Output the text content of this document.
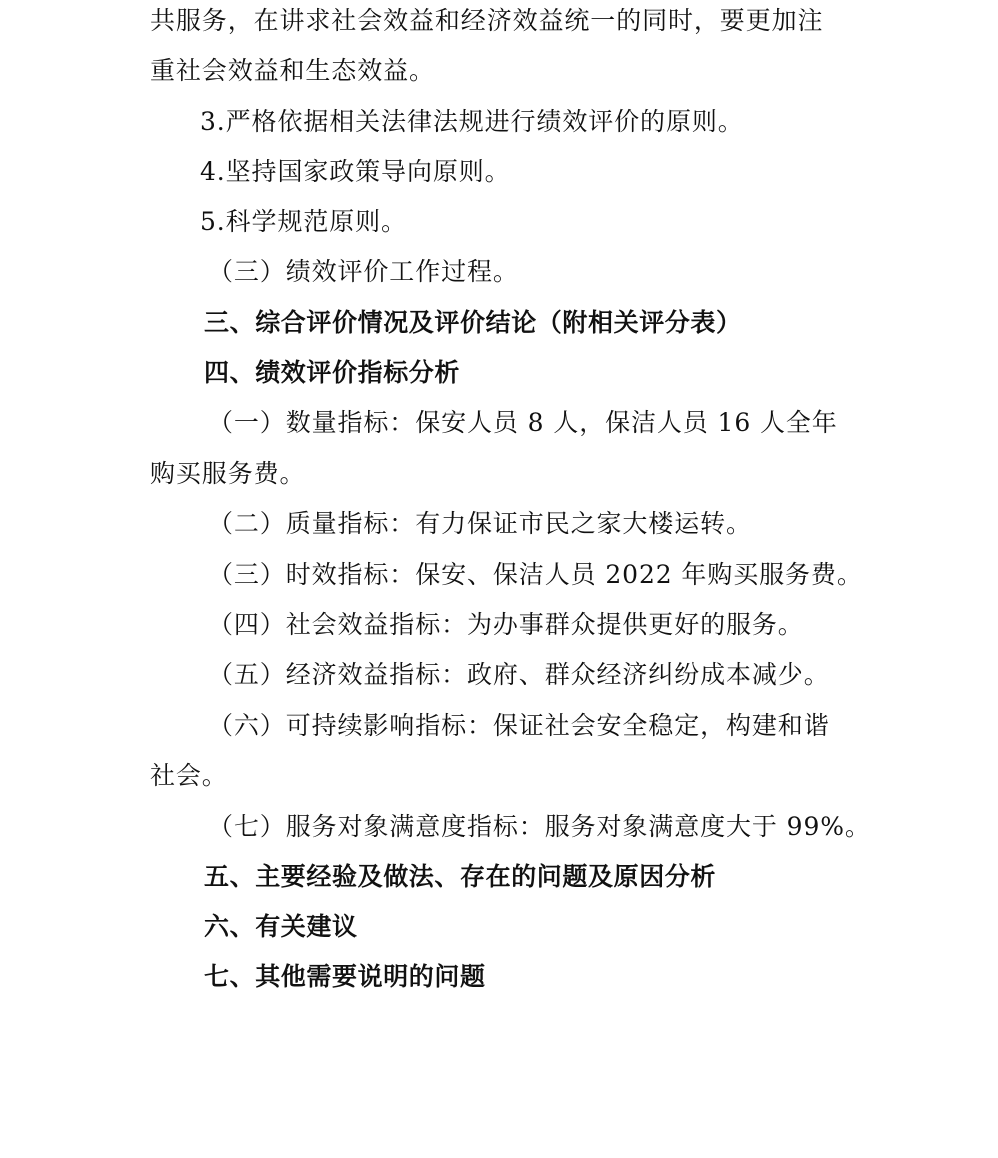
共服务，在讲求社会效益和经济效益统一的同时，要更加注
重社会效益和生态效益。
3.严格依据相关法律法规进行绩效评价的原则。
4.坚持国家政策导向原则。
5.科学规范原则。
（三）绩效评价工作过程。
三、综合评价情况及评价结论（附相关评分表）
四、绩效评价指标分析
（一）数量指标：保安人员 8 人，保洁人员 16 人全年
购买服务费。
（二）质量指标：有力保证市民之家大楼运转。
（三）时效指标：保安、保洁人员 2022 年购买服务费。
（四）社会效益指标：为办事群众提供更好的服务。
（五）经济效益指标：政府、群众经济纠纷成本减少。
（六）可持续影响指标：保证社会安全稳定，构建和谐
社会。
（七）服务对象满意度指标：服务对象满意度大于 99%。
五、主要经验及做法、存在的问题及原因分析
六、有关建议
七、其他需要说明的问题
